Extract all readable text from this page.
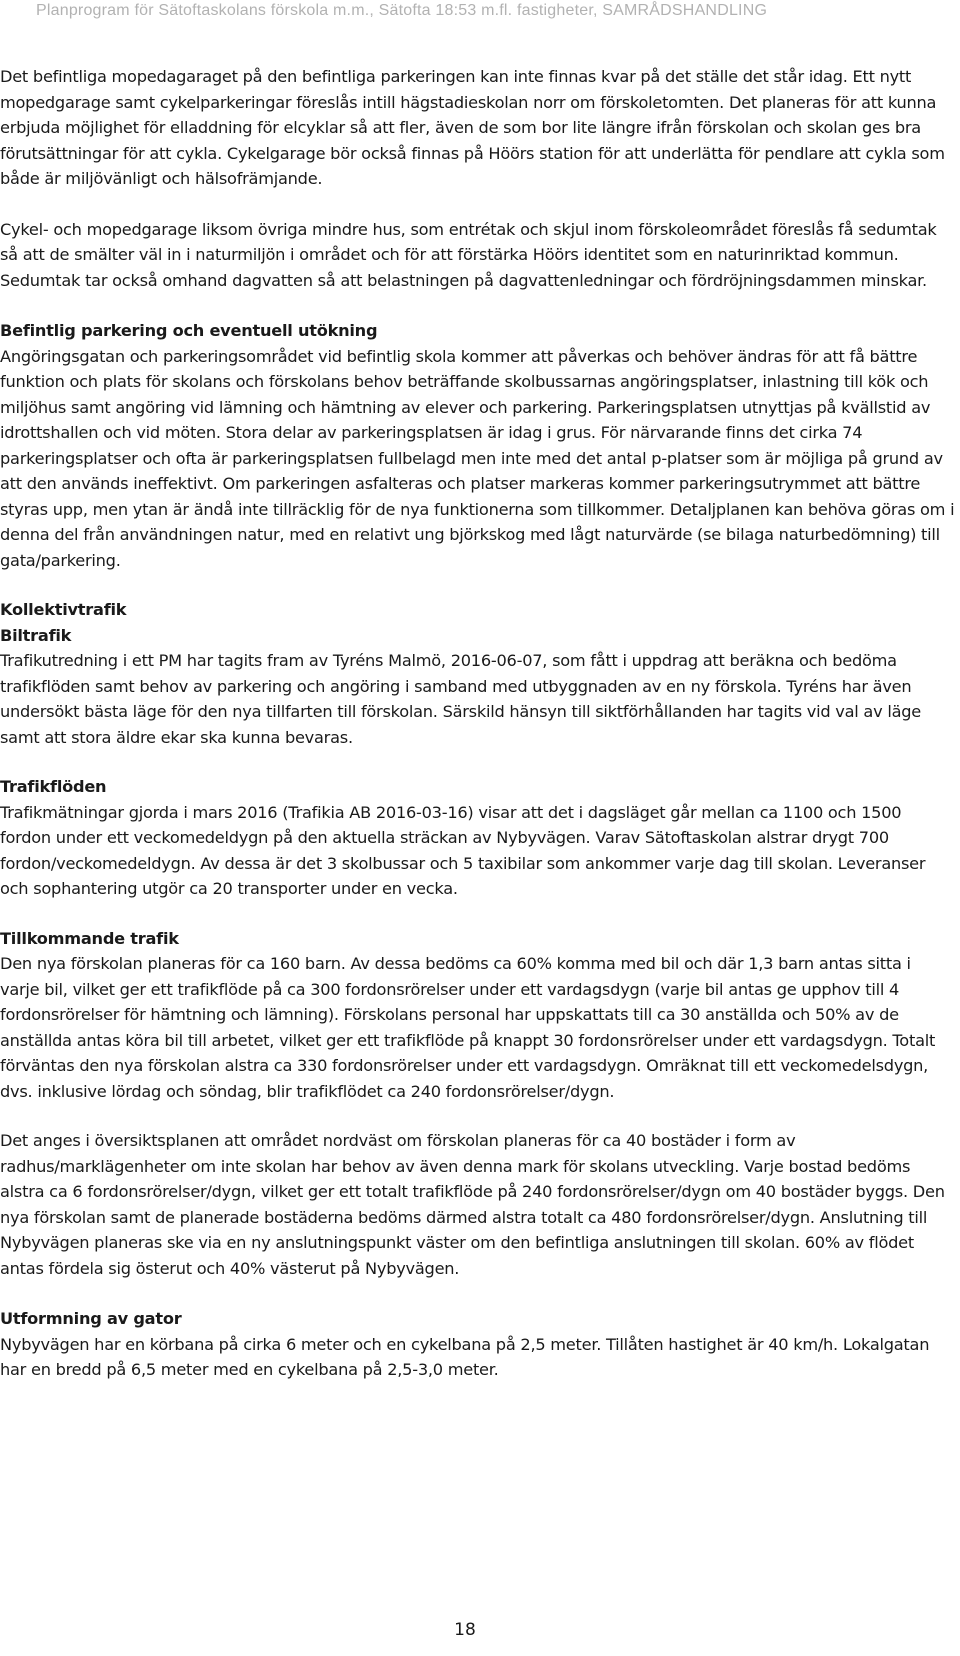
Planprogram för Sätoftaskolans förskola m.m., Sätofta 18:53 m.fl. fastigheter, SAMRÅDSHANDLING

Det befintliga mopedagaraget på den befintliga parkeringen kan inte finnas kvar på det ställe det står idag. Ett nytt mopedgarage samt cykelparkeringar föreslås intill hägstadieskolan norr om förskoletomten. Det planeras för att kunna erbjuda möjlighet för elladdning för elcyklar så att fler, även de som bor lite längre ifrån förskolan och skolan ges bra förutsättningar för att cykla. Cykelgarage bör också finnas på Höörs station för att underlätta för pendlare att cykla som både är miljövänligt och hälsofrämjande.

Cykel- och mopedgarage liksom övriga mindre hus, som entrétak och skjul inom förskoleområdet föreslås få sedumtak så att de smälter väl in i naturmiljön i området och för att förstärka Höörs identitet som en naturinriktad kommun. Sedumtak tar också omhand dagvatten så att belastningen på dagvattenledningar och fördröjningsdammen minskar.

Befintlig parkering och eventuell utökning

Angöringsgatan och parkeringsområdet vid befintlig skola kommer att påverkas och behöver ändras för att få bättre funktion och plats för skolans och förskolans behov beträffande skolbussarnas angöringsplatser, inlastning till kök och miljöhus samt angöring vid lämning och hämtning av elever och parkering. Parkeringsplatsen utnyttjas på kvällstid av idrottshallen och vid möten. Stora delar av parkeringsplatsen är idag i grus. För närvarande finns det cirka 74 parkeringsplatser och ofta är parkeringsplatsen fullbelagd men inte med det antal p-platser som är möjliga på grund av att den används ineffektivt. Om parkeringen asfalteras och platser markeras kommer parkeringsutrymmet att bättre styras upp, men ytan är ändå inte tillräcklig för de nya funktionerna som tillkommer. Detaljplanen kan behöva göras om i denna del från användningen natur, med en relativt ung björkskog med lågt naturvärde (se bilaga naturbedömning) till gata/parkering.

Kollektivtrafik
Biltrafik

Trafikutredning i ett PM har tagits fram av Tyréns Malmö, 2016-06-07, som fått i uppdrag att beräkna och bedöma trafikflöden samt behov av parkering och angöring i samband med utbyggnaden av en ny förskola. Tyréns har även undersökt bästa läge för den nya tillfarten till förskolan. Särskild hänsyn till siktförhållanden har tagits vid val av läge samt att stora äldre ekar ska kunna bevaras.

Trafikflöden

Trafikmätningar gjorda i mars 2016 (Trafikia AB 2016-03-16) visar att det i dagsläget går mellan ca 1100 och 1500 fordon under ett veckomedeldygn på den aktuella sträckan av Nybyvägen. Varav Sätoftaskolan alstrar drygt 700 fordon/veckomedeldygn. Av dessa är det 3 skolbussar och 5 taxibilar som ankommer varje dag till skolan. Leveranser och sophantering utgör ca 20 transporter under en vecka.

Tillkommande trafik

Den nya förskolan planeras för ca 160 barn. Av dessa bedöms ca 60% komma med bil och där 1,3 barn antas sitta i varje bil, vilket ger ett trafikflöde på ca 300 fordonsrörelser under ett vardagsdygn (varje bil antas ge upphov till 4 fordonsrörelser för hämtning och lämning). Förskolans personal har uppskattats till ca 30 anställda och 50% av de anställda antas köra bil till arbetet, vilket ger ett trafikflöde på knappt 30 fordonsrörelser under ett vardagsdygn. Totalt förväntas den nya förskolan alstra ca 330 fordonsrörelser under ett vardagsdygn. Omräknat till ett veckomedelsdygn, dvs. inklusive lördag och söndag, blir trafikflödet ca 240 fordonsrörelser/dygn.

Det anges i översiktsplanen att området nordväst om förskolan planeras för ca 40 bostäder i form av radhus/marklägenheter om inte skolan har behov av även denna mark för skolans utveckling. Varje bostad bedöms alstra ca 6 fordonsrörelser/dygn, vilket ger ett totalt trafikflöde på 240 fordonsrörelser/dygn om 40 bostäder byggs. Den nya förskolan samt de planerade bostäderna bedöms därmed alstra totalt ca 480 fordonsrörelser/dygn. Anslutning till Nybyvägen planeras ske via en ny anslutningspunkt väster om den befintliga anslutningen till skolan. 60% av flödet antas fördela sig österut och 40% västerut på Nybyvägen.

Utformning av gator

Nybyvägen har en körbana på cirka 6 meter och en cykelbana på 2,5 meter. Tillåten hastighet är 40 km/h. Lokalgatan har en bredd på 6,5 meter med en cykelbana på 2,5-3,0 meter.

18
